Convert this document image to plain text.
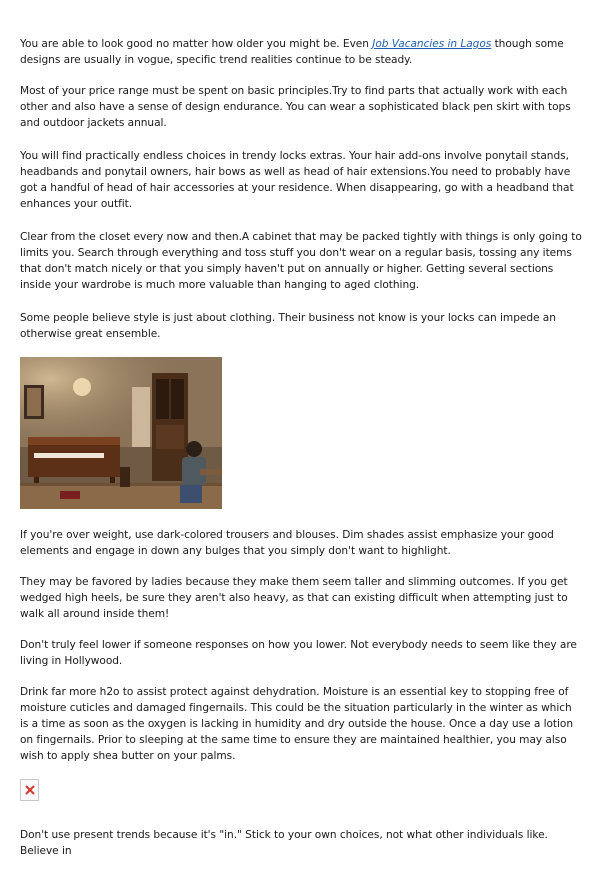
You are able to look good no matter how older you might be. Even Job Vacancies in Lagos though some designs are usually in vogue, specific trend realities continue to be steady.

Most of your price range must be spent on basic principles.Try to find parts that actually work with each other and also have a sense of design endurance. You can wear a sophisticated black pen skirt with tops and outdoor jackets annual.

You will find practically endless choices in trendy locks extras. Your hair add-ons involve ponytail stands, headbands and ponytail owners, hair bows as well as head of hair extensions.You need to probably have got a handful of head of hair accessories at your residence. When disappearing, go with a headband that enhances your outfit.

Clear from the closet every now and then.A cabinet that may be packed tightly with things is only going to limits you. Search through everything and toss stuff you don't wear on a regular basis, tossing any items that don't match nicely or that you simply haven't put on annually or higher. Getting several sections inside your wardrobe is much more valuable than hanging to aged clothing.

Some people believe style is just about clothing. Their business not know is your locks can impede an otherwise great ensemble.

If you're over weight, use dark-colored trousers and blouses. Dim shades assist emphasize your good elements and engage in down any bulges that you simply don't want to highlight.

They may be favored by ladies because they make them seem taller and slimming outcomes. If you get wedged high heels, be sure they aren't also heavy, as that can existing difficult when attempting just to walk all around inside them!

Don't truly feel lower if someone responses on how you lower. Not everybody needs to seem like they are living in Hollywood.

Drink far more h2o to assist protect against dehydration. Moisture is an essential key to stopping free of moisture cuticles and damaged fingernails. This could be the situation particularly in the winter as which is a time as soon as the oxygen is lacking in humidity and dry outside the house. Once a day use a lotion on fingernails. Prior to sleeping at the same time to ensure they are maintained healthier, you may also wish to apply shea butter on your palms.

Don't use present trends because it's "in." Stick to your own choices, not what other individuals like. Believe in
